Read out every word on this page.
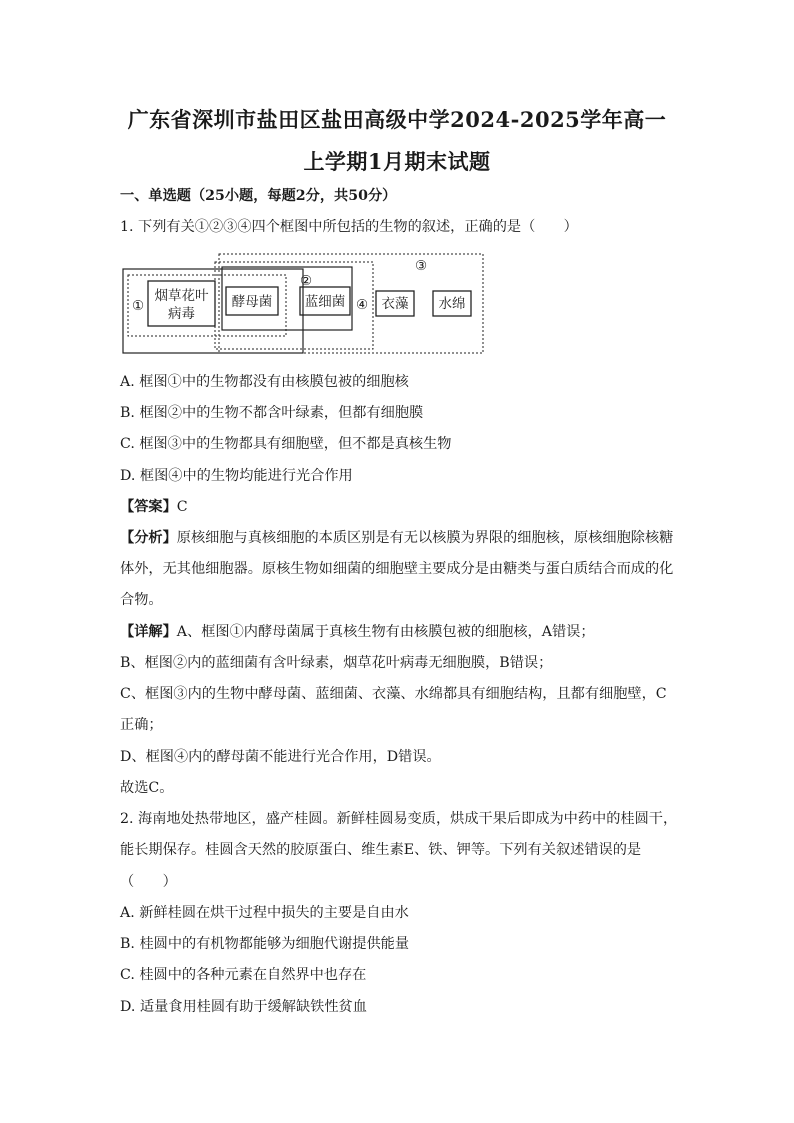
广东省深圳市盐田区盐田高级中学2024-2025学年高一
上学期1月期末试题
一、单选题（25小题，每题2分，共50分）
1. 下列有关①②③④四个框图中所包括的生物的叙述，正确的是（　　）
①
②
③
④
烟草花叶
病毒
酵母菌 蓝细菌	衣藻 水绵
A. 框图①中的生物都没有由核膜包被的细胞核
B. 框图②中的生物不都含叶绿素，但都有细胞膜
C. 框图③中的生物都具有细胞壁，但不都是真核生物
D. 框图④中的生物均能进行光合作用
【答案】C
【分析】原核细胞与真核细胞的本质区别是有无以核膜为界限的细胞核，原核细胞除核糖
体外，无其他细胞器。原核生物如细菌的细胞壁主要成分是由糖类与蛋白质结合而成的化
合物。
【详解】A、框图①内酵母菌属于真核生物有由核膜包被的细胞核，A错误；
B、框图②内的蓝细菌有含叶绿素，烟草花叶病毒无细胞膜，B错误；
C、框图③内的生物中酵母菌、蓝细菌、衣藻、水绵都具有细胞结构，且都有细胞壁，C
正确；
D、框图④内的酵母菌不能进行光合作用，D错误。
故选C。
2. 海南地处热带地区，盛产桂圆。新鲜桂圆易变质，烘成干果后即成为中药中的桂圆干，
能长期保存。桂圆含天然的胶原蛋白、维生素E、铁、钾等。下列有关叙述错误的是
（　　）
A. 新鲜桂圆在烘干过程中损失的主要是自由水
B. 桂圆中的有机物都能够为细胞代谢提供能量
C. 桂圆中的各种元素在自然界中也存在
D. 适量食用桂圆有助于缓解缺铁性贫血
